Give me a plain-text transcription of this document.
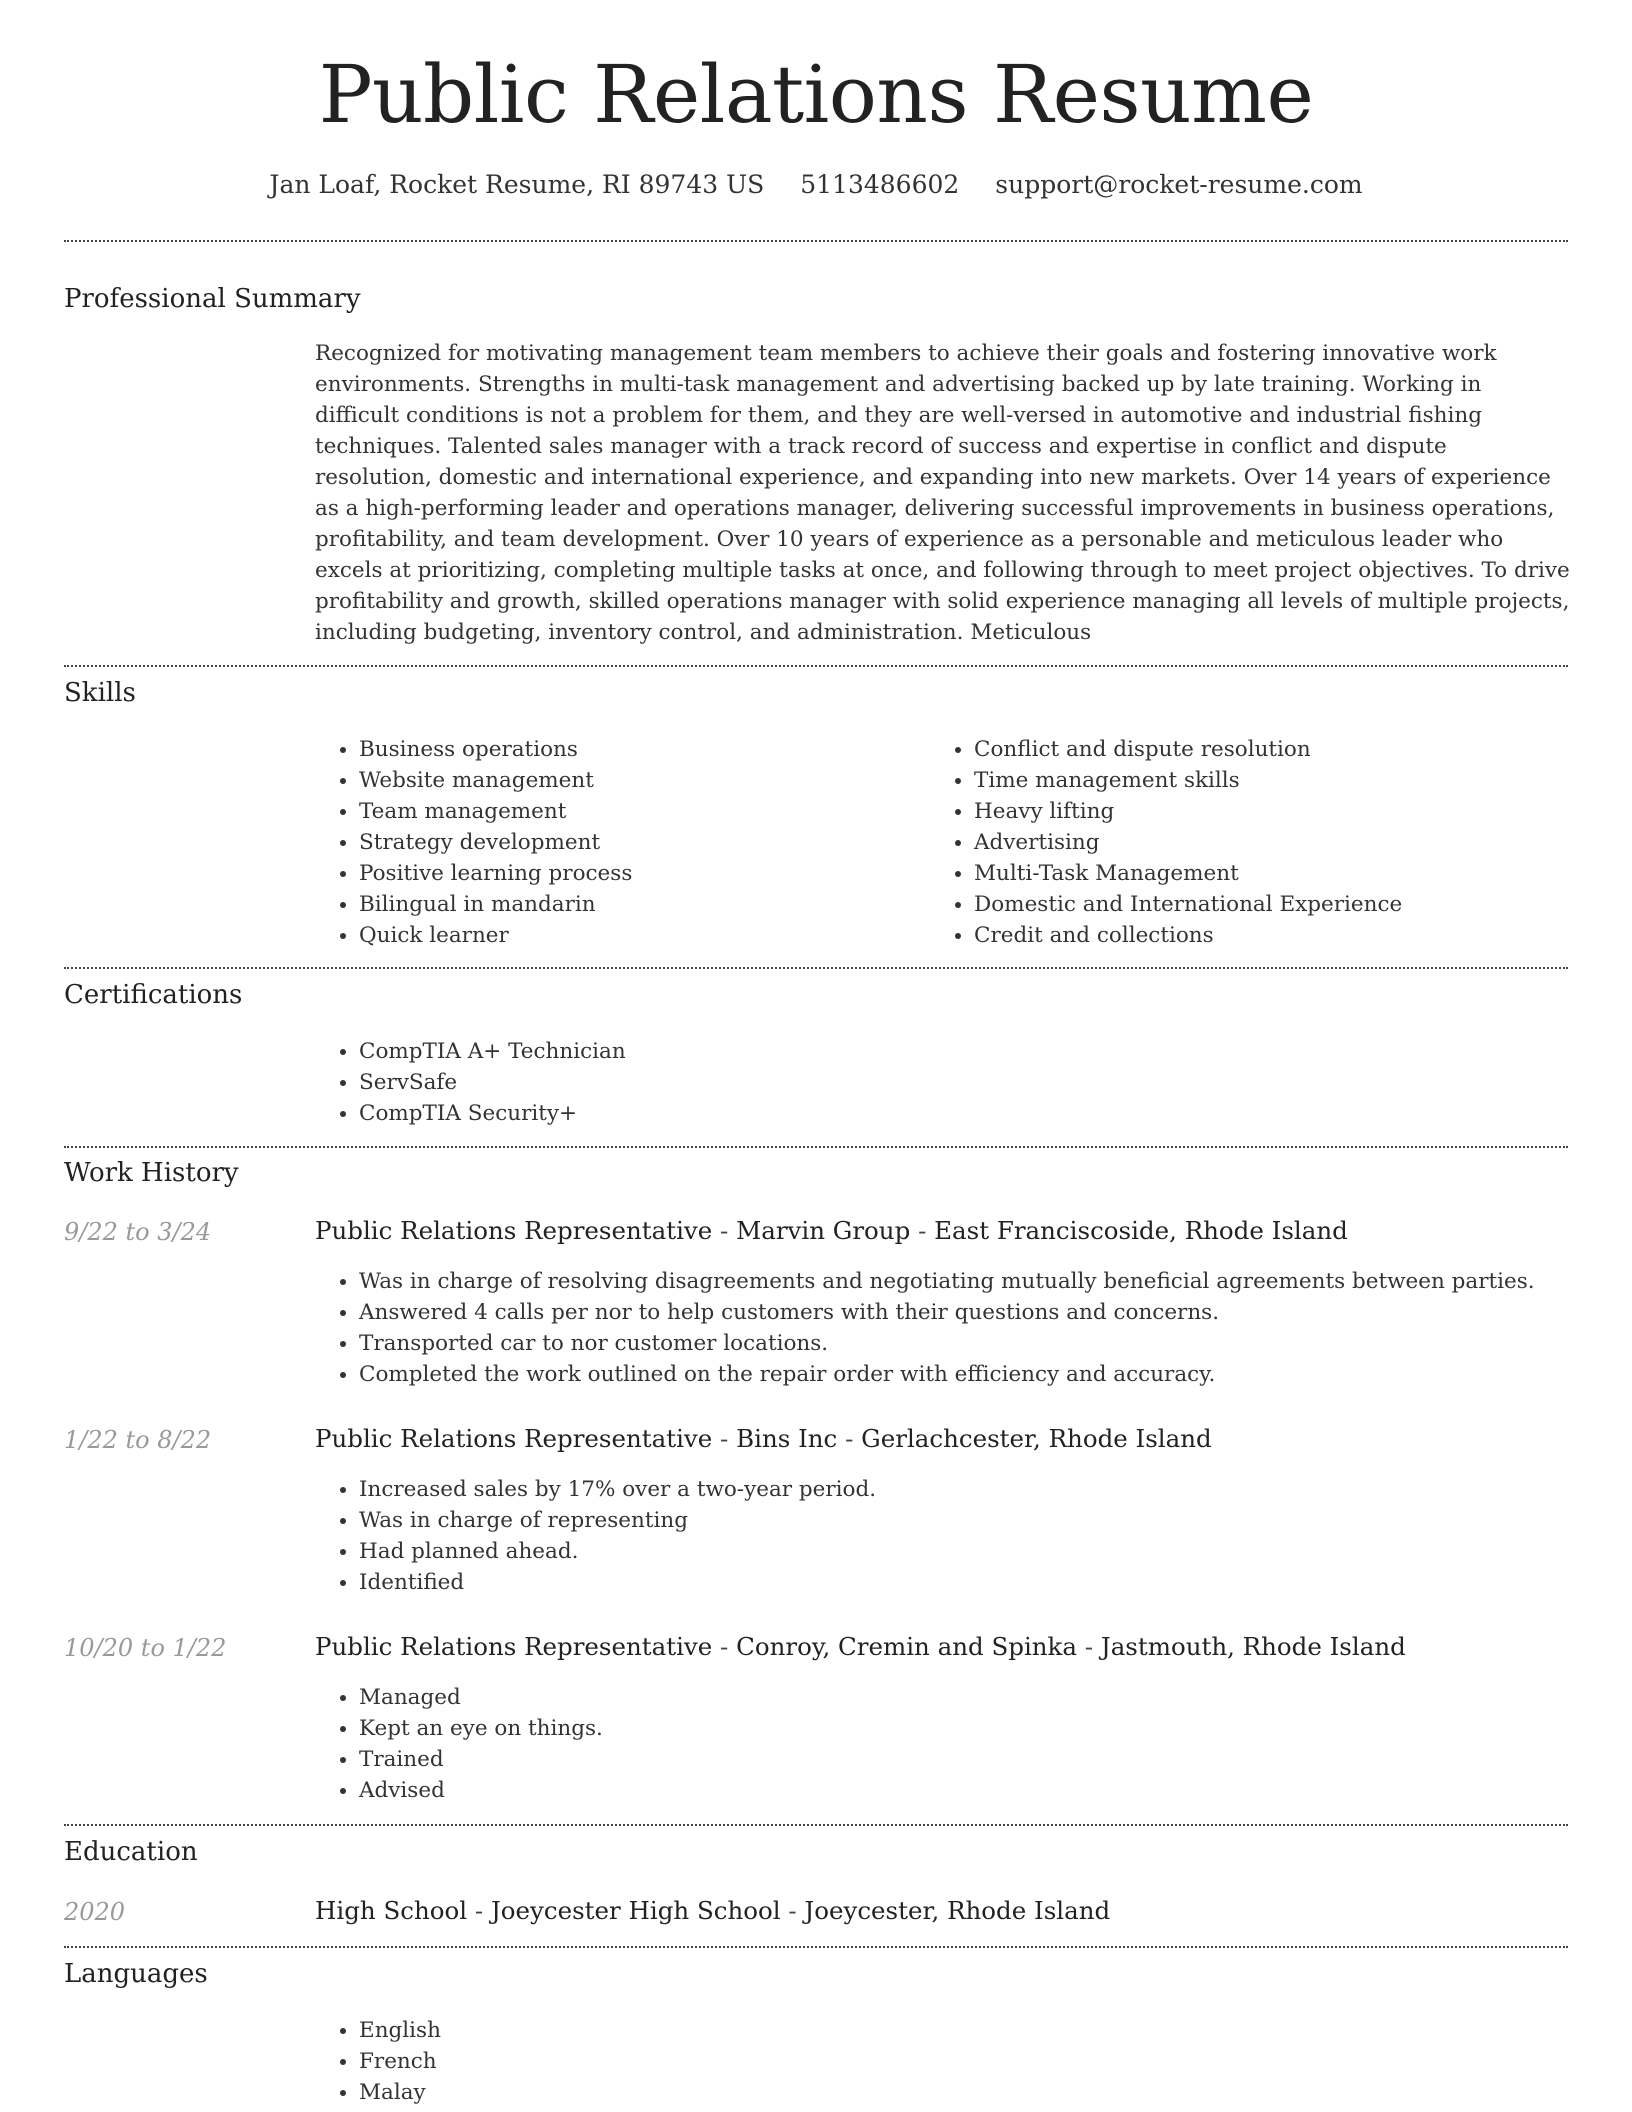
Public Relations Resume
Jan Loaf, Rocket Resume, RI 89743 US 5113486602 support@rocket-resume.com
Professional Summary

Recognized for motivating management team members to achieve their goals and fostering innovative work environments. Strengths in multi-task management and advertising backed up by late training. Working in difficult conditions is not a problem for them, and they are well-versed in automotive and industrial fishing techniques. Talented sales manager with a track record of success and expertise in conflict and dispute resolution, domestic and international experience, and expanding into new markets. Over 14 years of experience as a high-performing leader and operations manager, delivering successful improvements in business operations, profitability, and team development. Over 10 years of experience as a personable and meticulous leader who excels at prioritizing, completing multiple tasks at once, and following through to meet project objectives. To drive profitability and growth, skilled operations manager with solid experience managing all levels of multiple projects, including budgeting, inventory control, and administration. Meticulous

Skills
• Business operations
• Website management
• Team management
• Strategy development
• Positive learning process
• Bilingual in mandarin
• Quick learner
• Conflict and dispute resolution
• Time management skills
• Heavy lifting
• Advertising
• Multi-Task Management
• Domestic and International Experience
• Credit and collections
Certifications
• CompTIA A+ Technician
• ServSafe
• CompTIA Security+
Work History
9/22 to 3/24	Public Relations Representative - Marvin Group - East Franciscoside, Rhode Island
• Was in charge of resolving disagreements and negotiating mutually beneficial agreements between parties.
• Answered 4 calls per nor to help customers with their questions and concerns.
• Transported car to nor customer locations.
• Completed the work outlined on the repair order with efficiency and accuracy.
1/22 to 8/22	Public Relations Representative - Bins Inc - Gerlachcester, Rhode Island
• Increased sales by 17% over a two-year period.
• Was in charge of representing
• Had planned ahead.
• Identified
10/20 to 1/22	Public Relations Representative - Conroy, Cremin and Spinka - Jastmouth, Rhode Island
• Managed
• Kept an eye on things.
• Trained
• Advised
Education
2020	High School - Joeycester High School - Joeycester, Rhode Island
Languages
• English
• French
• Malay
